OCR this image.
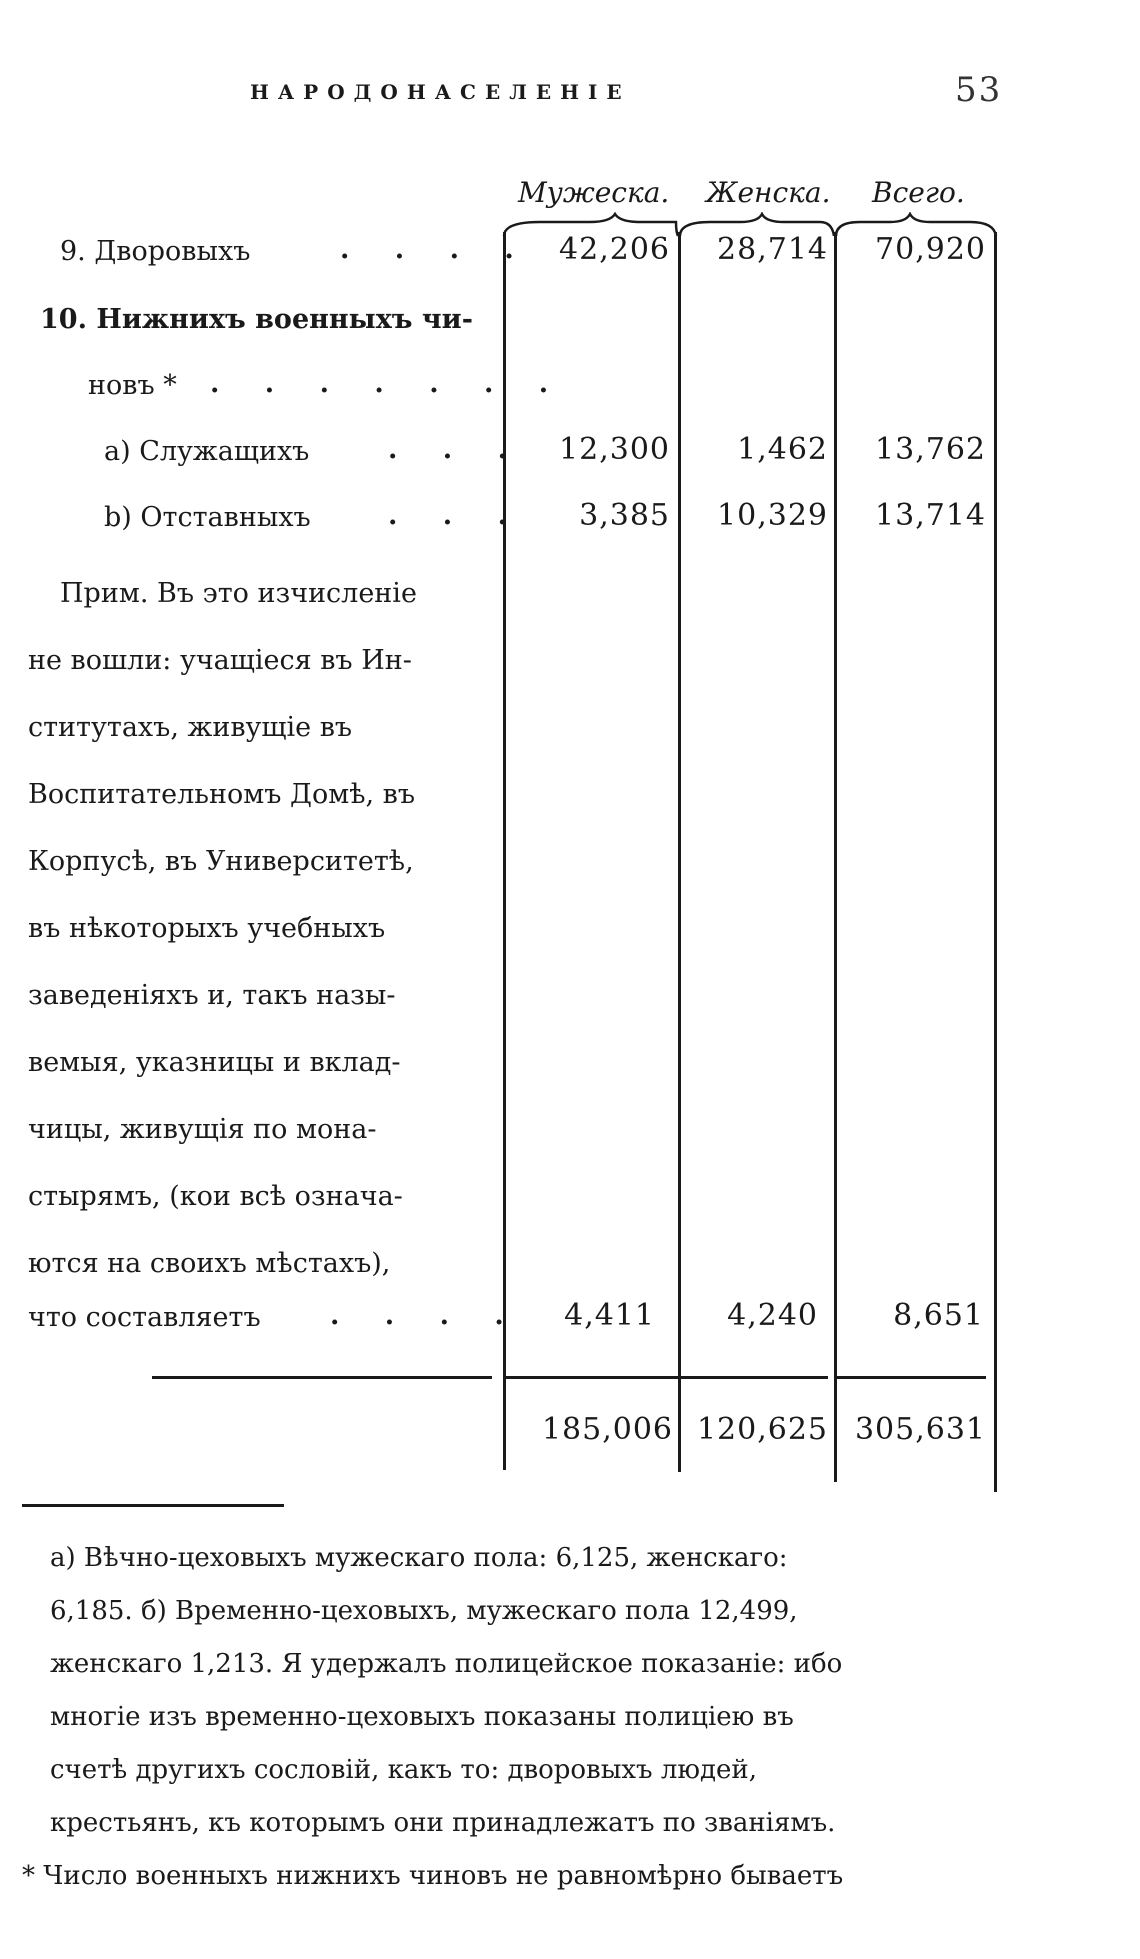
НАРОДОНАСЕЛЕНIЕ	53
Мужеска. Женска. Всего.
9. Дворовыхъ	. . . . 42,206	28,714	70,920
10. Нижнихъ военныхъ чи-
новъ * . . . . . . .
a) Служащихъ	. . .	12,300	1,462	13,762
b) Отставныхъ	. . .	3,385	10,329	13,714
Прим. Въ это изчисленiе
не вошли: учащiеся въ Ин-
ститутахъ, живущiе въ
Воспитательномъ Домѣ, въ
Корпусѣ, въ Университетѣ,
въ нѣкоторыхъ учебныхъ
заведенiяхъ и, такъ назы-
вемыя, указницы и вклад-
чицы, живущiя по мона-
стырямъ, (кои всѣ означа-
ются на своихъ мѣстахъ),
что составляетъ	. . . .	4,411	4,240	8,651
185,006 120,625 305,631
а) Вѣчно-цеховыхъ мужескаго пола: 6,125, женскаго:
6,185. б) Временно-цеховыхъ, мужескаго пола 12,499,
женскаго 1,213. Я удержалъ полицейское показанiе: ибо
многiе изъ временно-цеховыхъ показаны полицiею въ
счетѣ другихъ сословiй, какъ то: дворовыхъ людей,
крестьянъ, къ которымъ они принадлежатъ по званiямъ.
* Число военныхъ нижнихъ чиновъ не равномѣрно бываетъ
